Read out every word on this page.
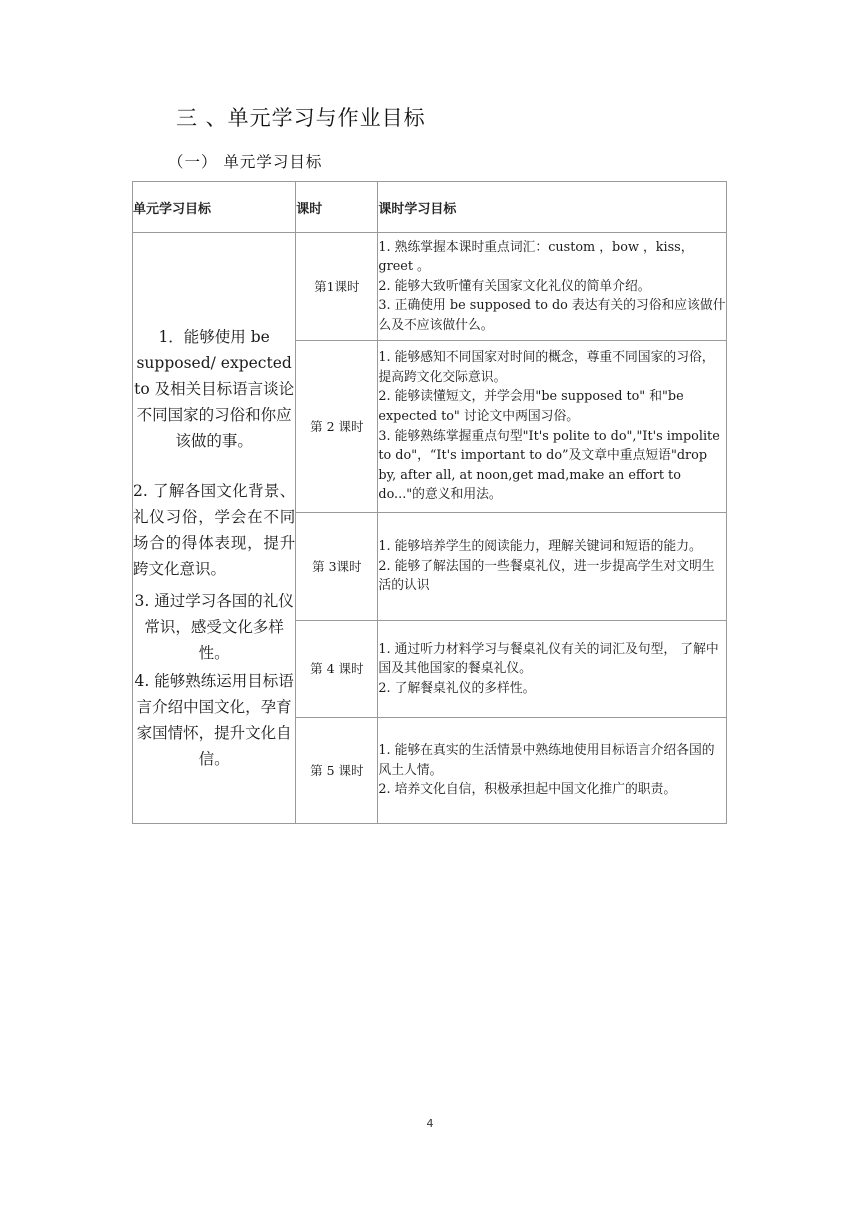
三 、单元学习与作业目标
（一） 单元学习目标
单元学习目标	课时	课时学习目标

1．能够使用 be supposed/ expected to 及相关目标语言谈论不同国家的习俗和你应该做的事。
2. 了解各国文化背景、礼仪习俗，学会在不同场合的得体表现，提升跨文化意识。
3. 通过学习各国的礼仪常识，感受文化多样性。
4. 能够熟练运用目标语言介绍中国文化，孕育家国情怀，提升文化自信。	第1课时	1. 熟练掌握本课时重点词汇：custom ，bow ，kiss，greet 。
2. 能够大致听懂有关国家文化礼仪的简单介绍。
3. 正确使用 be supposed to do 表达有关的习俗和应该做什么及不应该做什么。

	第 2 课时	1. 能够感知不同国家对时间的概念，尊重不同国家的习俗，提高跨文化交际意识。
2. 能够读懂短文，并学会用"be supposed to" 和"be expected to" 讨论文中两国习俗。
3. 能够熟练掌握重点句型"It's polite to do","It's impolite to do"，“It's important to do”及文章中重点短语"drop by, after all, at noon,get mad,make an effort to do..."的意义和用法。

	第 3课时	1. 能够培养学生的阅读能力，理解关键词和短语的能力。
2. 能够了解法国的一些餐桌礼仪，进一步提高学生对文明生活的认识

	第 4 课时	1. 通过听力材料学习与餐桌礼仪有关的词汇及句型， 了解中国及其他国家的餐桌礼仪。
2. 了解餐桌礼仪的多样性。

	第 5 课时	1. 能够在真实的生活情景中熟练地使用目标语言介绍各国的风土人情。
2. 培养文化自信，积极承担起中国文化推广的职责。
4
